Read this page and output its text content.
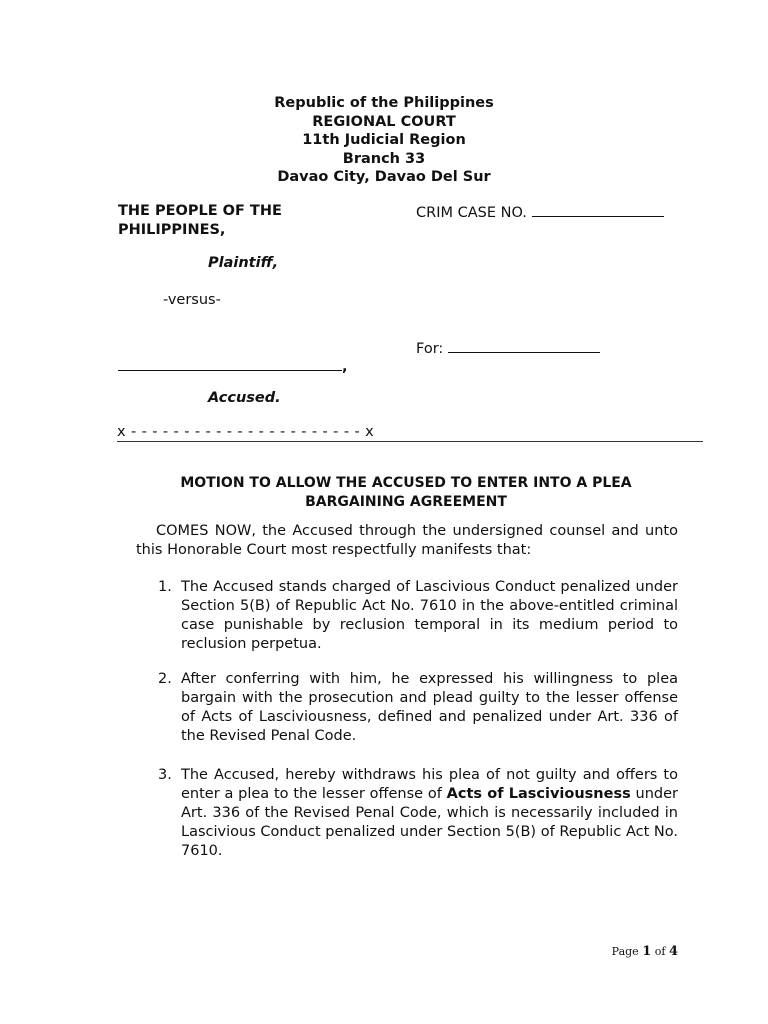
Republic of the Philippines
REGIONAL COURT
11th Judicial Region
Branch 33
Davao City, Davao Del Sur
THE PEOPLE OF THE
PHILIPPINES,
Plaintiff,
-versus-
,
Accused.
CRIM CASE NO.
For:
x - - - - - - - - - - - - - - - - - - - - - - x
MOTION TO ALLOW THE ACCUSED TO ENTER INTO A PLEA
BARGAINING AGREEMENT
COMES NOW, the Accused through the undersigned counsel and unto this Honorable Court most respectfully manifests that:
1. The Accused stands charged of Lascivious Conduct penalized under Section 5(B) of Republic Act No. 7610 in the above-entitled criminal case punishable by reclusion temporal in its medium period to reclusion perpetua.
2. After conferring with him, he expressed his willingness to plea bargain with the prosecution and plead guilty to the lesser offense of Acts of Lasciviousness, defined and penalized under Art. 336 of the Revised Penal Code.
3. The Accused, hereby withdraws his plea of not guilty and offers to enter a plea to the lesser offense of Acts of Lasciviousness under Art. 336 of the Revised Penal Code, which is necessarily included in Lascivious Conduct penalized under Section 5(B) of Republic Act No. 7610.
Page 1 of 4
